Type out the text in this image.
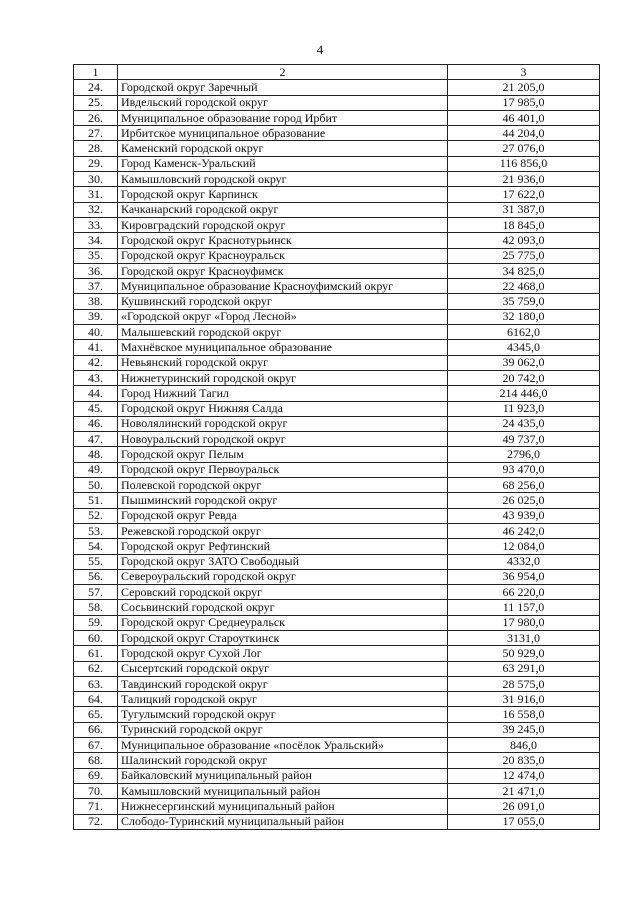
4
1	2	3
24.	Городской округ Заречный	21 205,0
25.	Ивдельский городской округ	17 985,0
26.	Муниципальное образование город Ирбит	46 401,0
27.	Ирбитское муниципальное образование	44 204,0
28.	Каменский городской округ	27 076,0
29.	Город Каменск-Уральский	116 856,0
30.	Камышловский городской округ	21 936,0
31.	Городской округ Карпинск	17 622,0
32.	Качканарский городской округ	31 387,0
33.	Кировградский городской округ	18 845,0
34.	Городской округ Краснотурьинск	42 093,0
35.	Городской округ Красноуральск	25 775,0
36.	Городской округ Красноуфимск	34 825,0
37.	Муниципальное образование Красноуфимский округ	22 468,0
38.	Кушвинский городской округ	35 759,0
39.	«Городской округ «Город Лесной»	32 180,0
40.	Малышевский городской округ	6162,0
41.	Махнёвское муниципальное образование	4345,0
42.	Невьянский городской округ	39 062,0
43.	Нижнетуринский городской округ	20 742,0
44.	Город Нижний Тагил	214 446,0
45.	Городской округ Нижняя Салда	11 923,0
46.	Новолялинский городской округ	24 435,0
47.	Новоуральский городской округ	49 737,0
48.	Городской округ Пелым	2796,0
49.	Городской округ Первоуральск	93 470,0
50.	Полевской городской округ	68 256,0
51.	Пышминский городской округ	26 025,0
52.	Городской округ Ревда	43 939,0
53.	Режевской городской округ	46 242,0
54.	Городской округ Рефтинский	12 084,0
55.	Городской округ ЗАТО Свободный	4332,0
56.	Североуральский городской округ	36 954,0
57.	Серовский городской округ	66 220,0
58.	Сосьвинский городской округ	11 157,0
59.	Городской округ Среднеуральск	17 980,0
60.	Городской округ Староуткинск	3131,0
61.	Городской округ Сухой Лог	50 929,0
62.	Сысертский городской округ	63 291,0
63.	Тавдинский городской округ	28 575,0
64.	Талицкий городской округ	31 916,0
65.	Тугулымский городской округ	16 558,0
66.	Туринский городской округ	39 245,0
67.	Муниципальное образование «посёлок Уральский»	846,0
68.	Шалинский городской округ	20 835,0
69.	Байкаловский муниципальный район	12 474,0
70.	Камышловский муниципальный район	21 471,0
71.	Нижнесергинский муниципальный район	26 091,0
72.	Слободо-Туринский муниципальный район	17 055,0
